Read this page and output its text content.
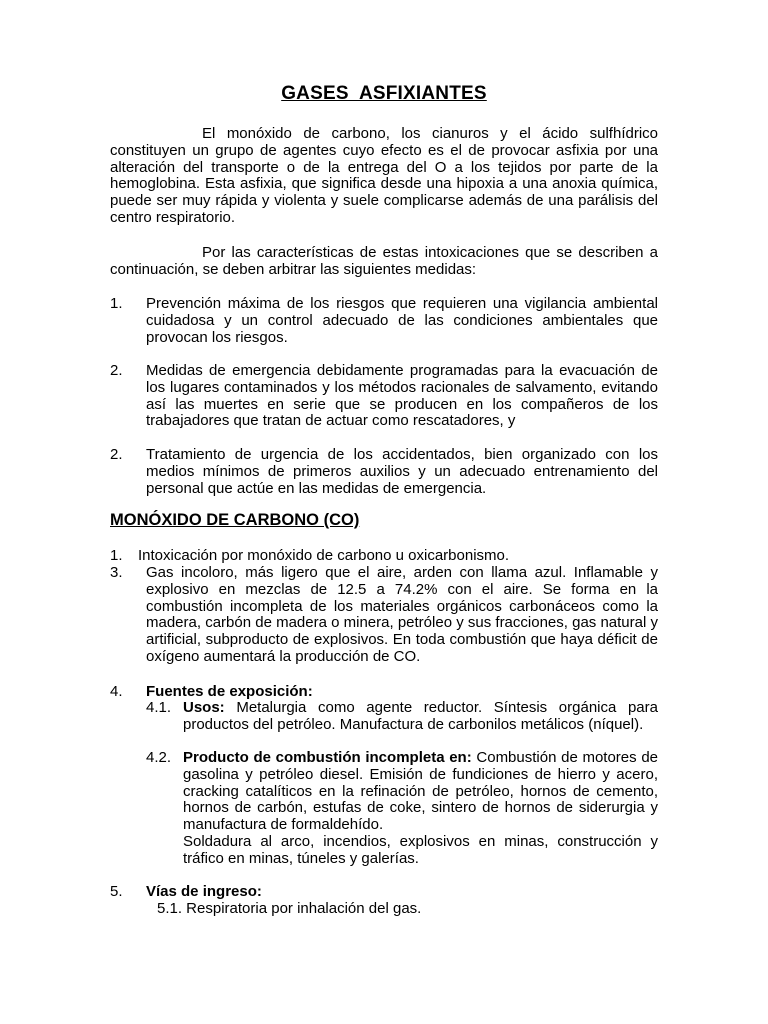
GASES  ASFIXIANTES
El monóxido de carbono, los cianuros y el ácido sulfhídrico constituyen un grupo de agentes cuyo efecto es el de provocar asfixia por una alteración del transporte o de la entrega del O a los tejidos por parte de la hemoglobina. Esta asfixia, que significa desde una hipoxia a una anoxia química, puede ser muy rápida y violenta y suele complicarse además de una parálisis del centro respiratorio.
Por las características de estas intoxicaciones que se describen a continuación, se deben arbitrar las siguientes medidas:
1. Prevención máxima de los riesgos que requieren una vigilancia ambiental cuidadosa y un control adecuado de las condiciones ambientales que provocan los riesgos.
2. Medidas de emergencia debidamente programadas para la evacuación de los lugares contaminados y los métodos racionales de salvamento, evitando así las muertes en serie que se producen en los compañeros de los trabajadores que tratan de actuar como rescatadores, y
2. Tratamiento de urgencia de los accidentados, bien organizado con los medios mínimos de primeros auxilios y un adecuado entrenamiento del personal que actúe en las medidas de emergencia.
MONÓXIDO DE CARBONO (CO)
1. Intoxicación por monóxido de carbono u oxicarbonismo.
3. Gas incoloro, más ligero que el aire, arden con llama azul. Inflamable y explosivo en mezclas de 12.5 a 74.2% con el aire. Se forma en la combustión incompleta de los materiales orgánicos carbonáceos como la madera, carbón de madera o minera, petróleo y sus fracciones, gas natural y artificial, subproducto de explosivos. En toda combustión que haya déficit de oxígeno aumentará la producción de CO.
4. Fuentes de exposición:
4.1. Usos: Metalurgia como agente reductor. Síntesis orgánica para productos del petróleo. Manufactura de carbonilos metálicos (níquel).
4.2. Producto de combustión incompleta en: Combustión de motores de gasolina y petróleo diesel. Emisión de fundiciones de hierro y acero, cracking catalíticos en la refinación de petróleo, hornos de cemento, hornos de carbón, estufas de coke, sintero de hornos de siderurgia y manufactura de formaldehído.
Soldadura al arco, incendios, explosivos en minas, construcción y tráfico en minas, túneles y galerías.
5. Vías de ingreso:
5.1. Respiratoria por inhalación del gas.
